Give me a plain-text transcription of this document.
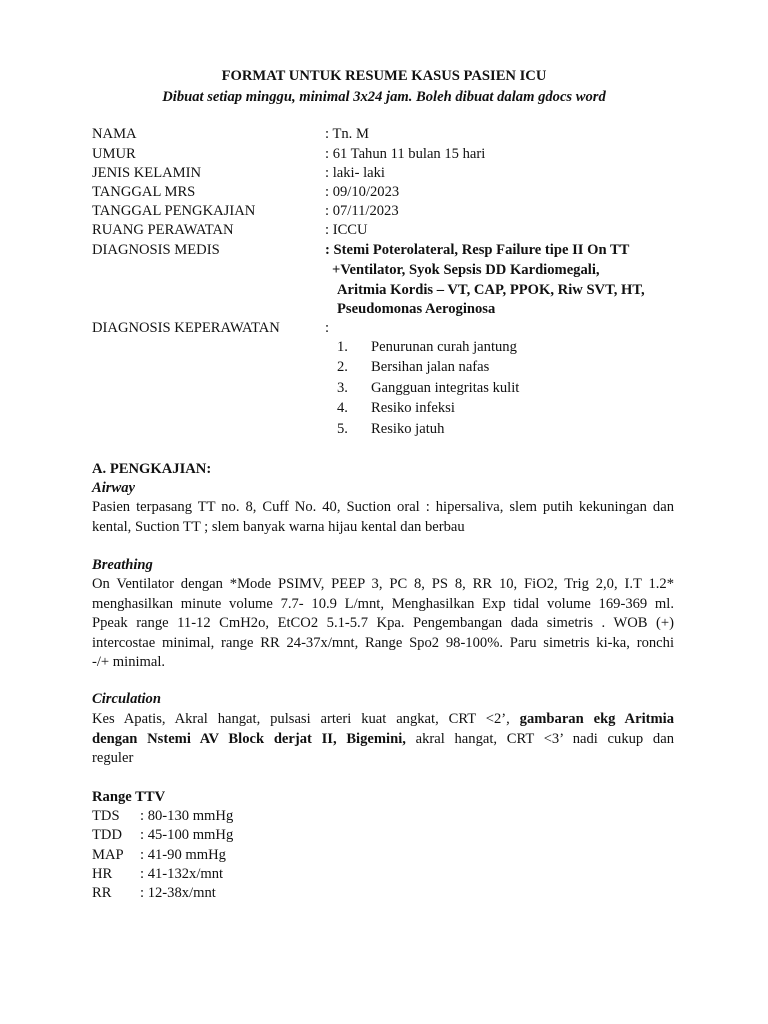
FORMAT UNTUK RESUME KASUS PASIEN ICU
Dibuat setiap minggu, minimal 3x24 jam. Boleh dibuat dalam gdocs word
NAMA	: Tn. M
UMUR	: 61 Tahun 11 bulan 15 hari
JENIS KELAMIN	: laki- laki
TANGGAL MRS	: 09/10/2023
TANGGAL PENGKAJIAN	: 07/11/2023
RUANG PERAWATAN	: ICCU
DIAGNOSIS MEDIS	: Stemi Poterolateral, Resp Failure tipe II On TT
+Ventilator, Syok Sepsis DD Kardiomegali,
Aritmia Kordis – VT, CAP, PPOK, Riw SVT, HT,
Pseudomonas Aeroginosa
DIAGNOSIS KEPERAWATAN	:
1. Penurunan curah jantung
2. Bersihan jalan nafas
3. Gangguan integritas kulit
4. Resiko infeksi
5. Resiko jatuh
A. PENGKAJIAN:
Airway
Pasien terpasang TT no. 8, Cuff No. 40, Suction oral : hipersaliva, slem putih kekuningan dan
kental, Suction TT ; slem banyak warna hijau kental dan berbau
Breathing
On Ventilator dengan *Mode PSIMV, PEEP 3, PC 8, PS 8, RR 10, FiO2, Trig 2,0, I.T 1.2*
menghasilkan minute volume 7.7- 10.9 L/mnt, Menghasilkan Exp tidal volume 169-369 ml.
Ppeak range 11-12 CmH2o, EtCO2 5.1-5.7 Kpa. Pengembangan dada simetris . WOB (+)
intercostae minimal, range RR 24-37x/mnt, Range Spo2 98-100%. Paru simetris ki-ka, ronchi
-/+ minimal.
Circulation
Kes Apatis, Akral hangat, pulsasi arteri kuat angkat, CRT <2’, gambaran ekg Aritmia
dengan Nstemi AV Block derjat II, Bigemini, akral hangat, CRT <3’ nadi cukup dan
reguler
Range TTV
TDS : 80-130 mmHg
TDD : 45-100 mmHg
MAP : 41-90 mmHg
HR : 41-132x/mnt
RR : 12-38x/mnt
